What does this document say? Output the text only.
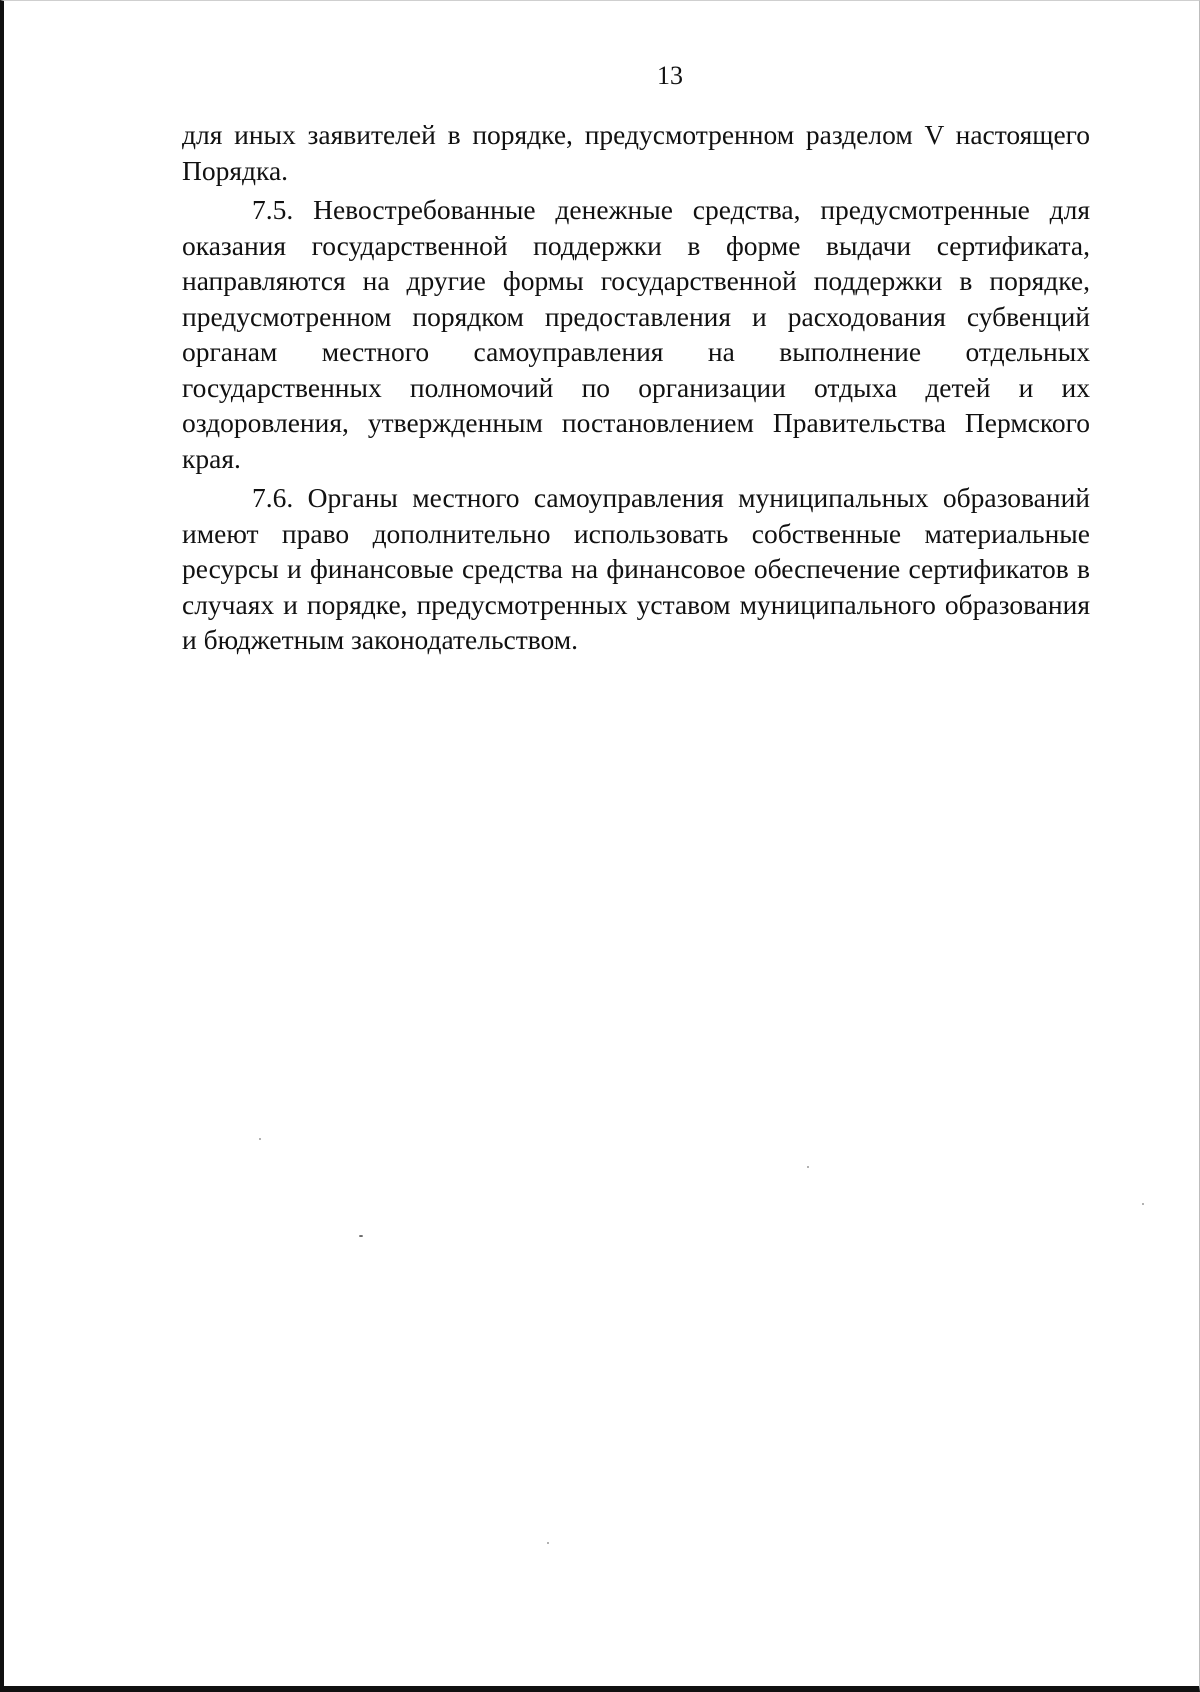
13

для иных заявителей в порядке, предусмотренном разделом V настоящего Порядка.

7.5. Невостребованные денежные средства, предусмотренные для оказания государственной поддержки в форме выдачи сертификата, направляются на другие формы государственной поддержки в порядке, предусмотренном порядком предоставления и расходования субвенций органам местного самоуправления на выполнение отдельных государственных полномочий по организации отдыха детей и их оздоровления, утвержденным постановлением Правительства Пермского края.

7.6. Органы местного самоуправления муниципальных образований имеют право дополнительно использовать собственные материальные ресурсы и финансовые средства на финансовое обеспечение сертификатов в случаях и порядке, предусмотренных уставом муниципального образования и бюджетным законодательством.
